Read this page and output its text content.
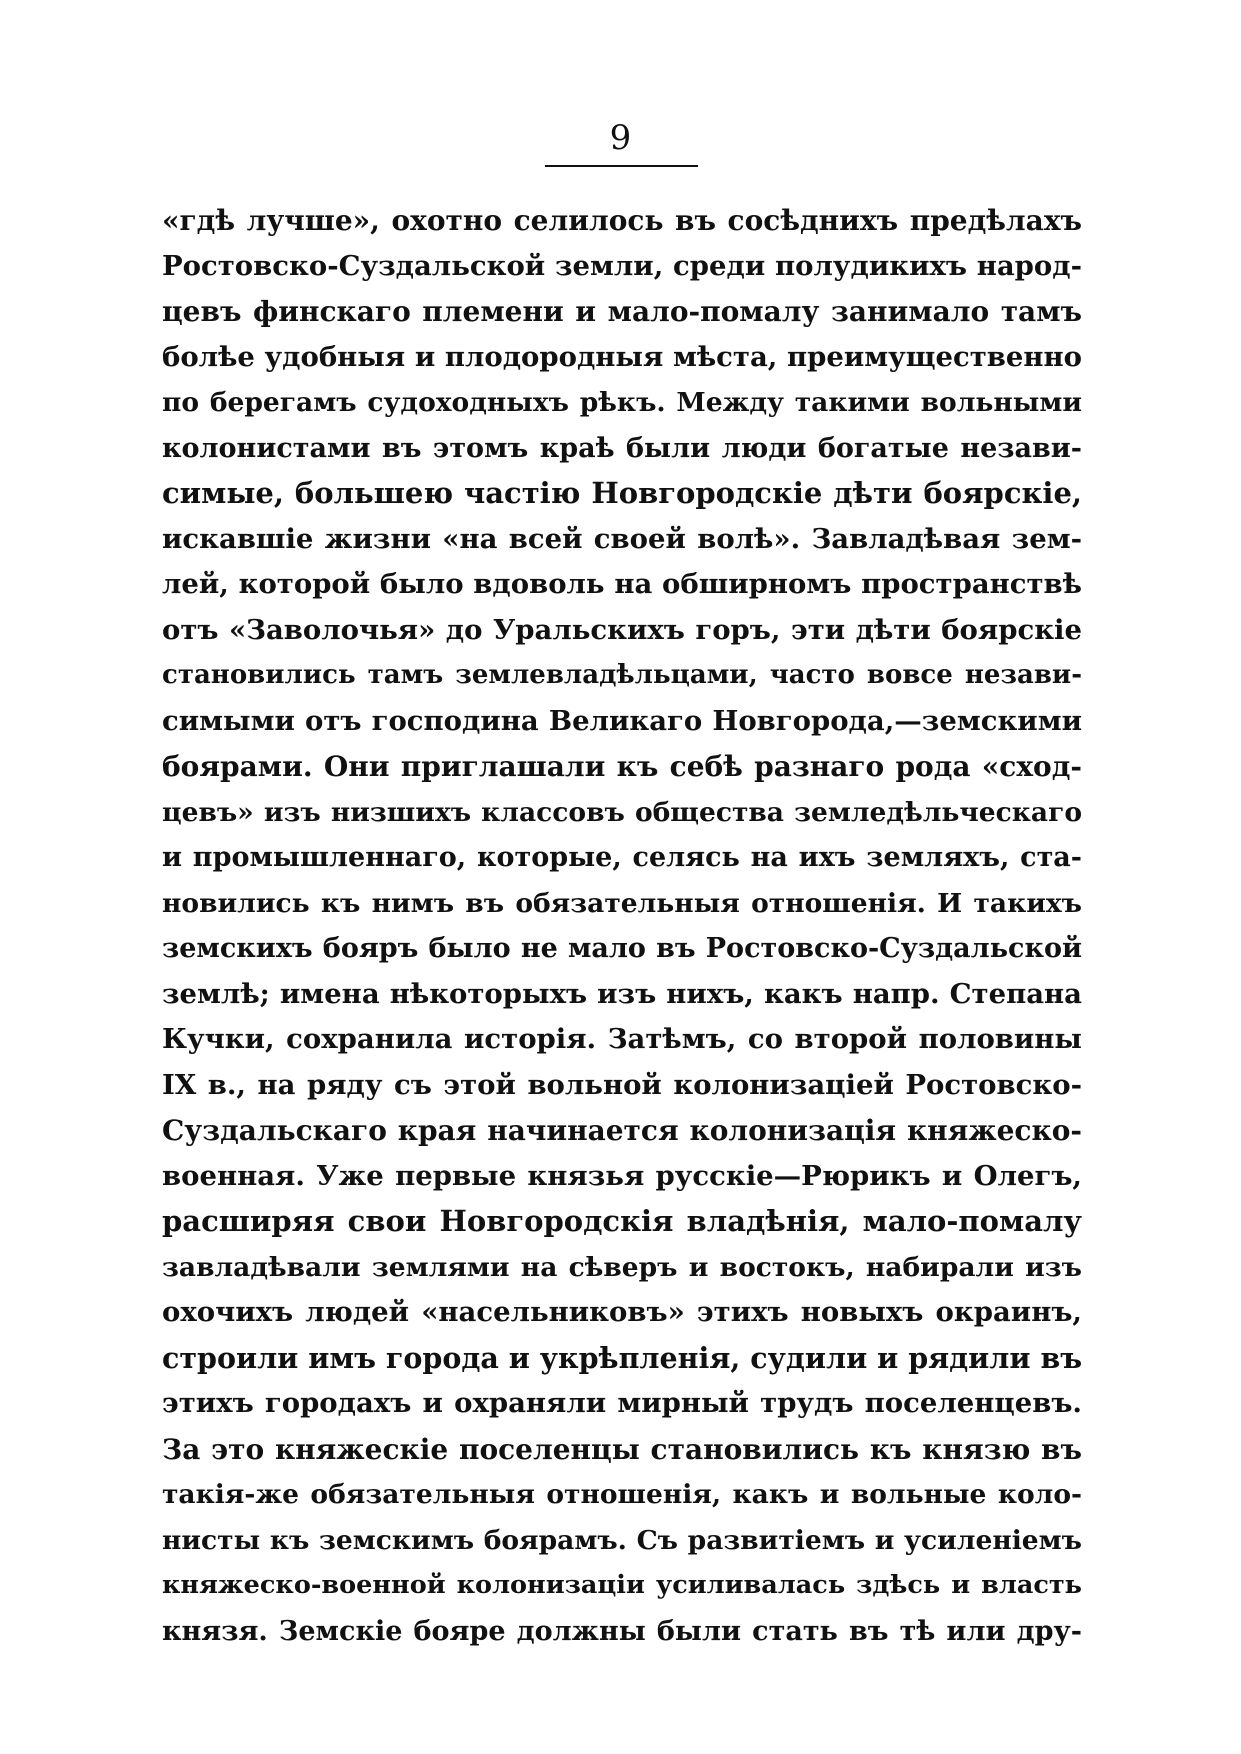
9
«гдѣ лучше», охотно селилось въ сосѣднихъ предѣлахъ
Ростовско-Суздальской земли, среди полудикихъ народ-
цевъ финскаго племени и мало-помалу занимало тамъ
болѣе удобныя и плодородныя мѣста, преимущественно
по берегамъ судоходныхъ рѣкъ. Между такими вольными
колонистами въ этомъ краѣ были люди богатые незави-
симые, большею частію Новгородскіе дѣти боярскіе,
искавшіе жизни «на всей своей волѣ». Завладѣвая зем-
лей, которой было вдоволь на обширномъ пространствѣ
отъ «Заволочья» до Уральскихъ горъ, эти дѣти боярскіе
становились тамъ землевладѣльцами, часто вовсе незави-
симыми отъ господина Великаго Новгорода,—земскими
боярами. Они приглашали къ себѣ разнаго рода «сход-
цевъ» изъ низшихъ классовъ общества земледѣльческаго
и промышленнаго, которые, селясь на ихъ земляхъ, ста-
новились къ нимъ въ обязательныя отношенія. И такихъ
земскихъ бояръ было не мало въ Ростовско-Суздальской
землѣ; имена нѣкоторыхъ изъ нихъ, какъ напр. Степана
Кучки, сохранила исторія. Затѣмъ, со второй половины
IX в., на ряду съ этой вольной колонизаціей Ростовско-
Суздальскаго края начинается колонизація княжеско-
военная. Уже первые князья русскіе—Рюрикъ и Олегъ,
расширяя свои Новгородскія владѣнія, мало-помалу
завладѣвали землями на сѣверъ и востокъ, набирали изъ
охочихъ людей «насельниковъ» этихъ новыхъ окраинъ,
строили имъ города и укрѣпленія, судили и рядили въ
этихъ городахъ и охраняли мирный трудъ поселенцевъ.
За это княжескіе поселенцы становились къ князю въ
такія-же обязательныя отношенія, какъ и вольные коло-
нисты къ земскимъ боярамъ. Съ развитіемъ и усиленіемъ
княжеско-военной колонизаціи усиливалась здѣсь и власть
князя. Земскіе бояре должны были стать въ тѣ или дру-
